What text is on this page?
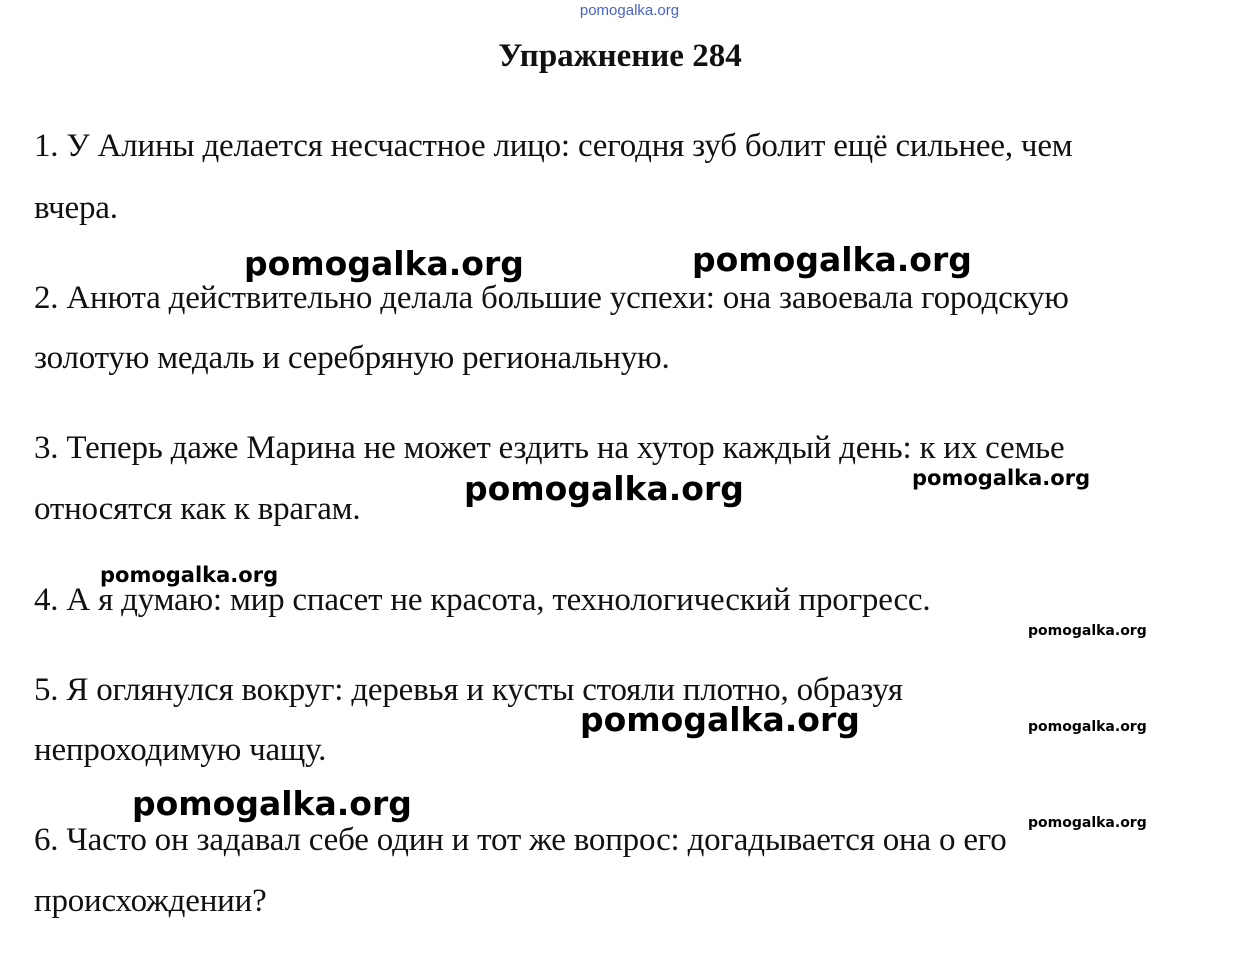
pomogalka.org
Упражнение 284
1. У Алины делается несчастное лицо: сегодня зуб болит ещё сильнее, чем
вчера.
2. Анюта действительно делала большие успехи: она завоевала городскую
золотую медаль и серебряную региональную.
3. Теперь даже Марина не может ездить на хутор каждый день: к их семье
относятся как к врагам.
4. А я думаю: мир спасет не красота, технологический прогресс.
5. Я оглянулся вокруг: деревья и кусты стояли плотно, образуя
непроходимую чащу.
6. Часто он задавал себе один и тот же вопрос: догадывается она о его
происхождении?
pomogalka.org	pomogalka.org
pomogalka.org	pomogalka.org
pomogalka.org
pomogalka.org
pomogalka.org	pomogalka.org
pomogalka.org	pomogalka.org
